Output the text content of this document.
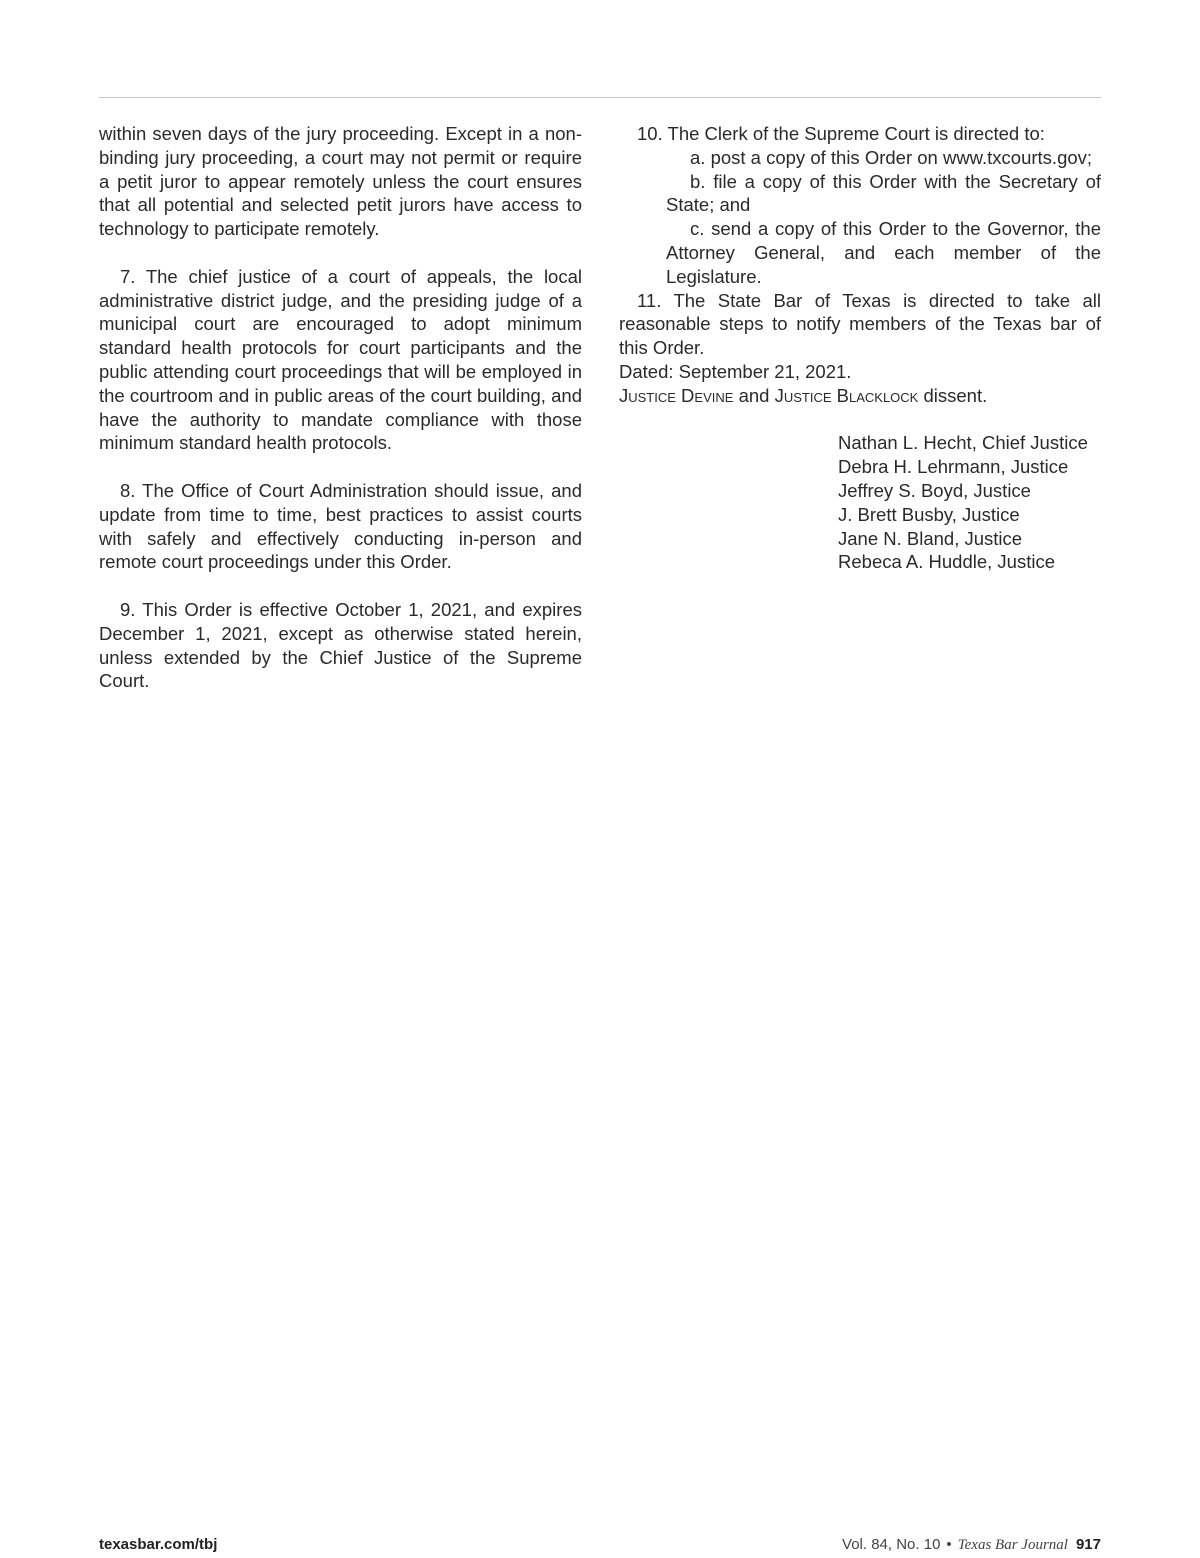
within seven days of the jury proceeding. Except in a non-binding jury proceeding, a court may not permit or require a petit juror to appear remotely unless the court ensures that all potential and selected petit jurors have access to technology to participate remotely.

7. The chief justice of a court of appeals, the local administrative district judge, and the presiding judge of a municipal court are encouraged to adopt minimum standard health protocols for court participants and the public attending court proceedings that will be employed in the courtroom and in public areas of the court building, and have the authority to mandate compliance with those minimum standard health protocols.

8. The Office of Court Administration should issue, and update from time to time, best practices to assist courts with safely and effectively conducting in-person and remote court proceedings under this Order.

9. This Order is effective October 1, 2021, and expires December 1, 2021, except as otherwise stated herein, unless extended by the Chief Justice of the Supreme Court.

10. The Clerk of the Supreme Court is directed to:

a. post a copy of this Order on www.txcourts.gov;

b. file a copy of this Order with the Secretary of State; and

c. send a copy of this Order to the Governor, the Attorney General, and each member of the Legislature.

11. The State Bar of Texas is directed to take all reasonable steps to notify members of the Texas bar of this Order.

Dated: September 21, 2021.

Justice Devine and Justice Blacklock dissent.

Nathan L. Hecht, Chief Justice
Debra H. Lehrmann, Justice
Jeffrey S. Boyd, Justice
J. Brett Busby, Justice
Jane N. Bland, Justice
Rebeca A. Huddle, Justice
texasbar.com/tbj	Vol. 84, No. 10 • Texas Bar Journal 917
